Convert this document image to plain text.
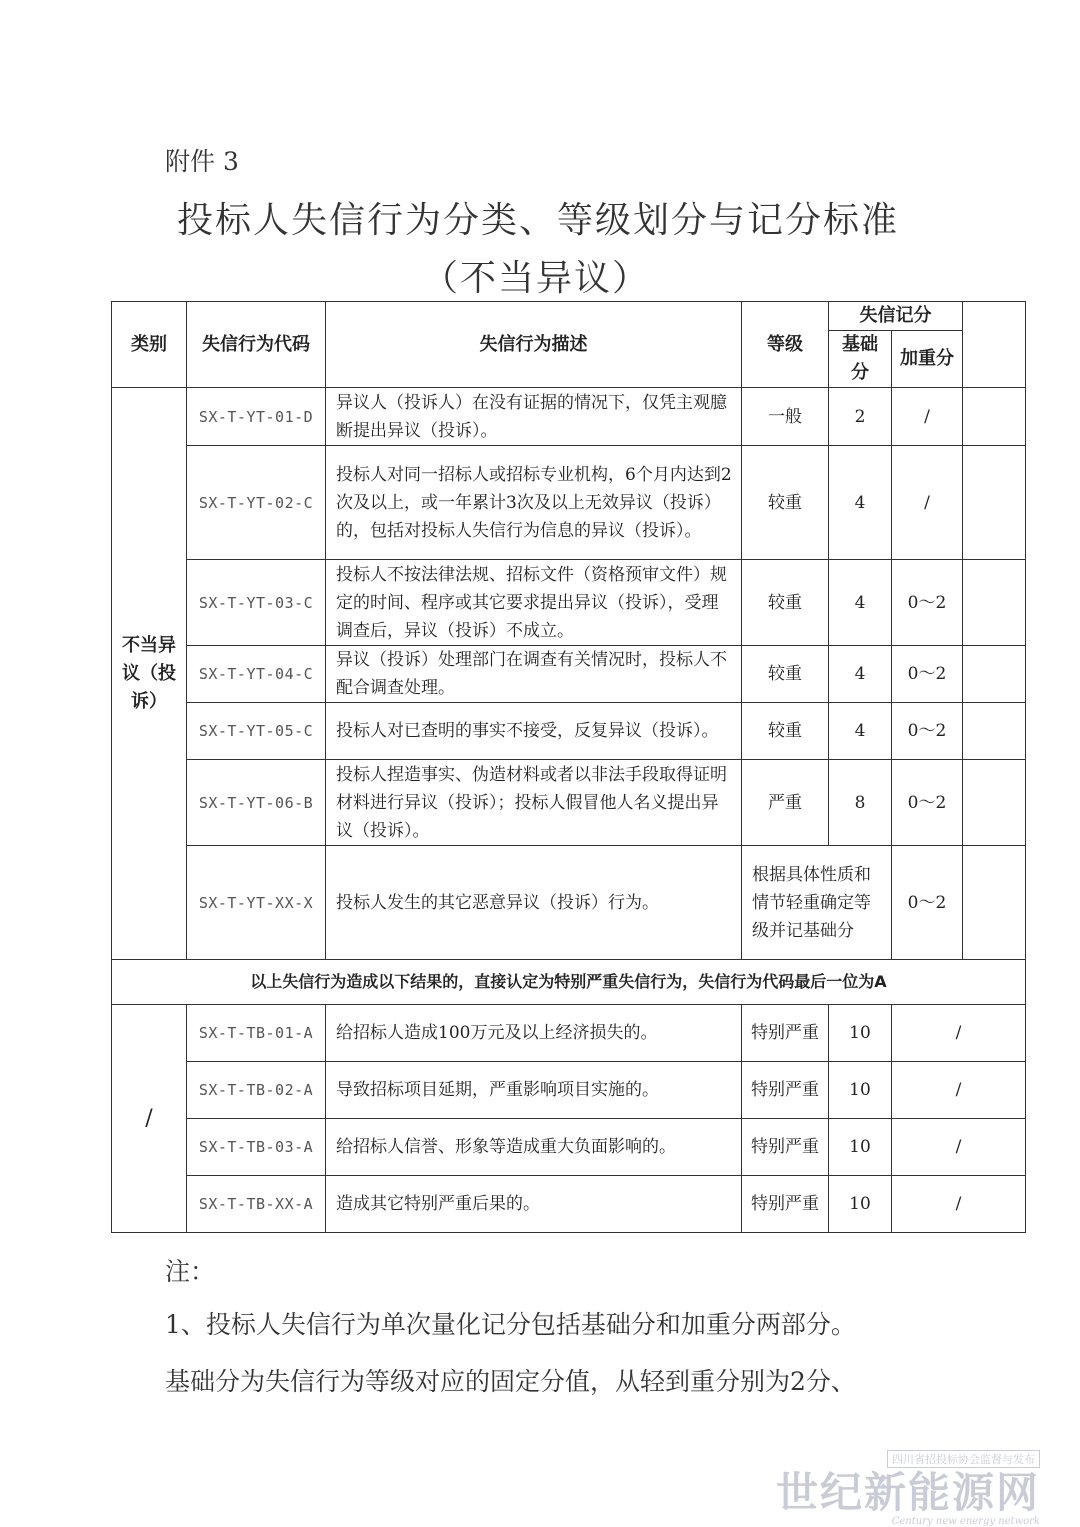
附件 3
投标人失信行为分类、等级划分与记分标准
（不当异议）
类别	失信行为代码	失信行为描述	等级	失信记分		
				基础分	加重分	
不当异议（投诉）	SX-T-YT-01-D	异议人（投诉人）在没有证据的情况下，仅凭主观臆断提出异议（投诉）。	一般	2	/	
	SX-T-YT-02-C	投标人对同一招标人或招标专业机构，6个月内达到2次及以上，或一年累计3次及以上无效异议（投诉）的，包括对投标人失信行为信息的异议（投诉）。	较重	4	/	
	SX-T-YT-03-C	投标人不按法律法规、招标文件（资格预审文件）规定的时间、程序或其它要求提出异议（投诉），受理调查后，异议（投诉）不成立。	较重	4	0～2	
	SX-T-YT-04-C	异议（投诉）处理部门在调查有关情况时，投标人不配合调查处理。	较重	4	0～2	
	SX-T-YT-05-C	投标人对已查明的事实不接受，反复异议（投诉）。	较重	4	0～2	
	SX-T-YT-06-B	投标人捏造事实、伪造材料或者以非法手段取得证明材料进行异议（投诉）；投标人假冒他人名义提出异议（投诉）。	严重	8	0～2	
	SX-T-YT-XX-X	投标人发生的其它恶意异议（投诉）行为。	根据具体性质和情节轻重确定等级并记基础分		0～2	
以上失信行为造成以下结果的，直接认定为特别严重失信行为，失信行为代码最后一位为A						
/	SX-T-TB-01-A	给招标人造成100万元及以上经济损失的。	特别严重	10	/	
	SX-T-TB-02-A	导致招标项目延期，严重影响项目实施的。	特别严重	10	/	
	SX-T-TB-03-A	给招标人信誉、形象等造成重大负面影响的。	特别严重	10	/	
	SX-T-TB-XX-A	造成其它特别严重后果的。	特别严重	10	/	
注：
1、投标人失信行为单次量化记分包括基础分和加重分两部分。
基础分为失信行为等级对应的固定分值，从轻到重分别为2分、
四川省招投标协会监督与发布
世纪新能源网
Century new energy network
